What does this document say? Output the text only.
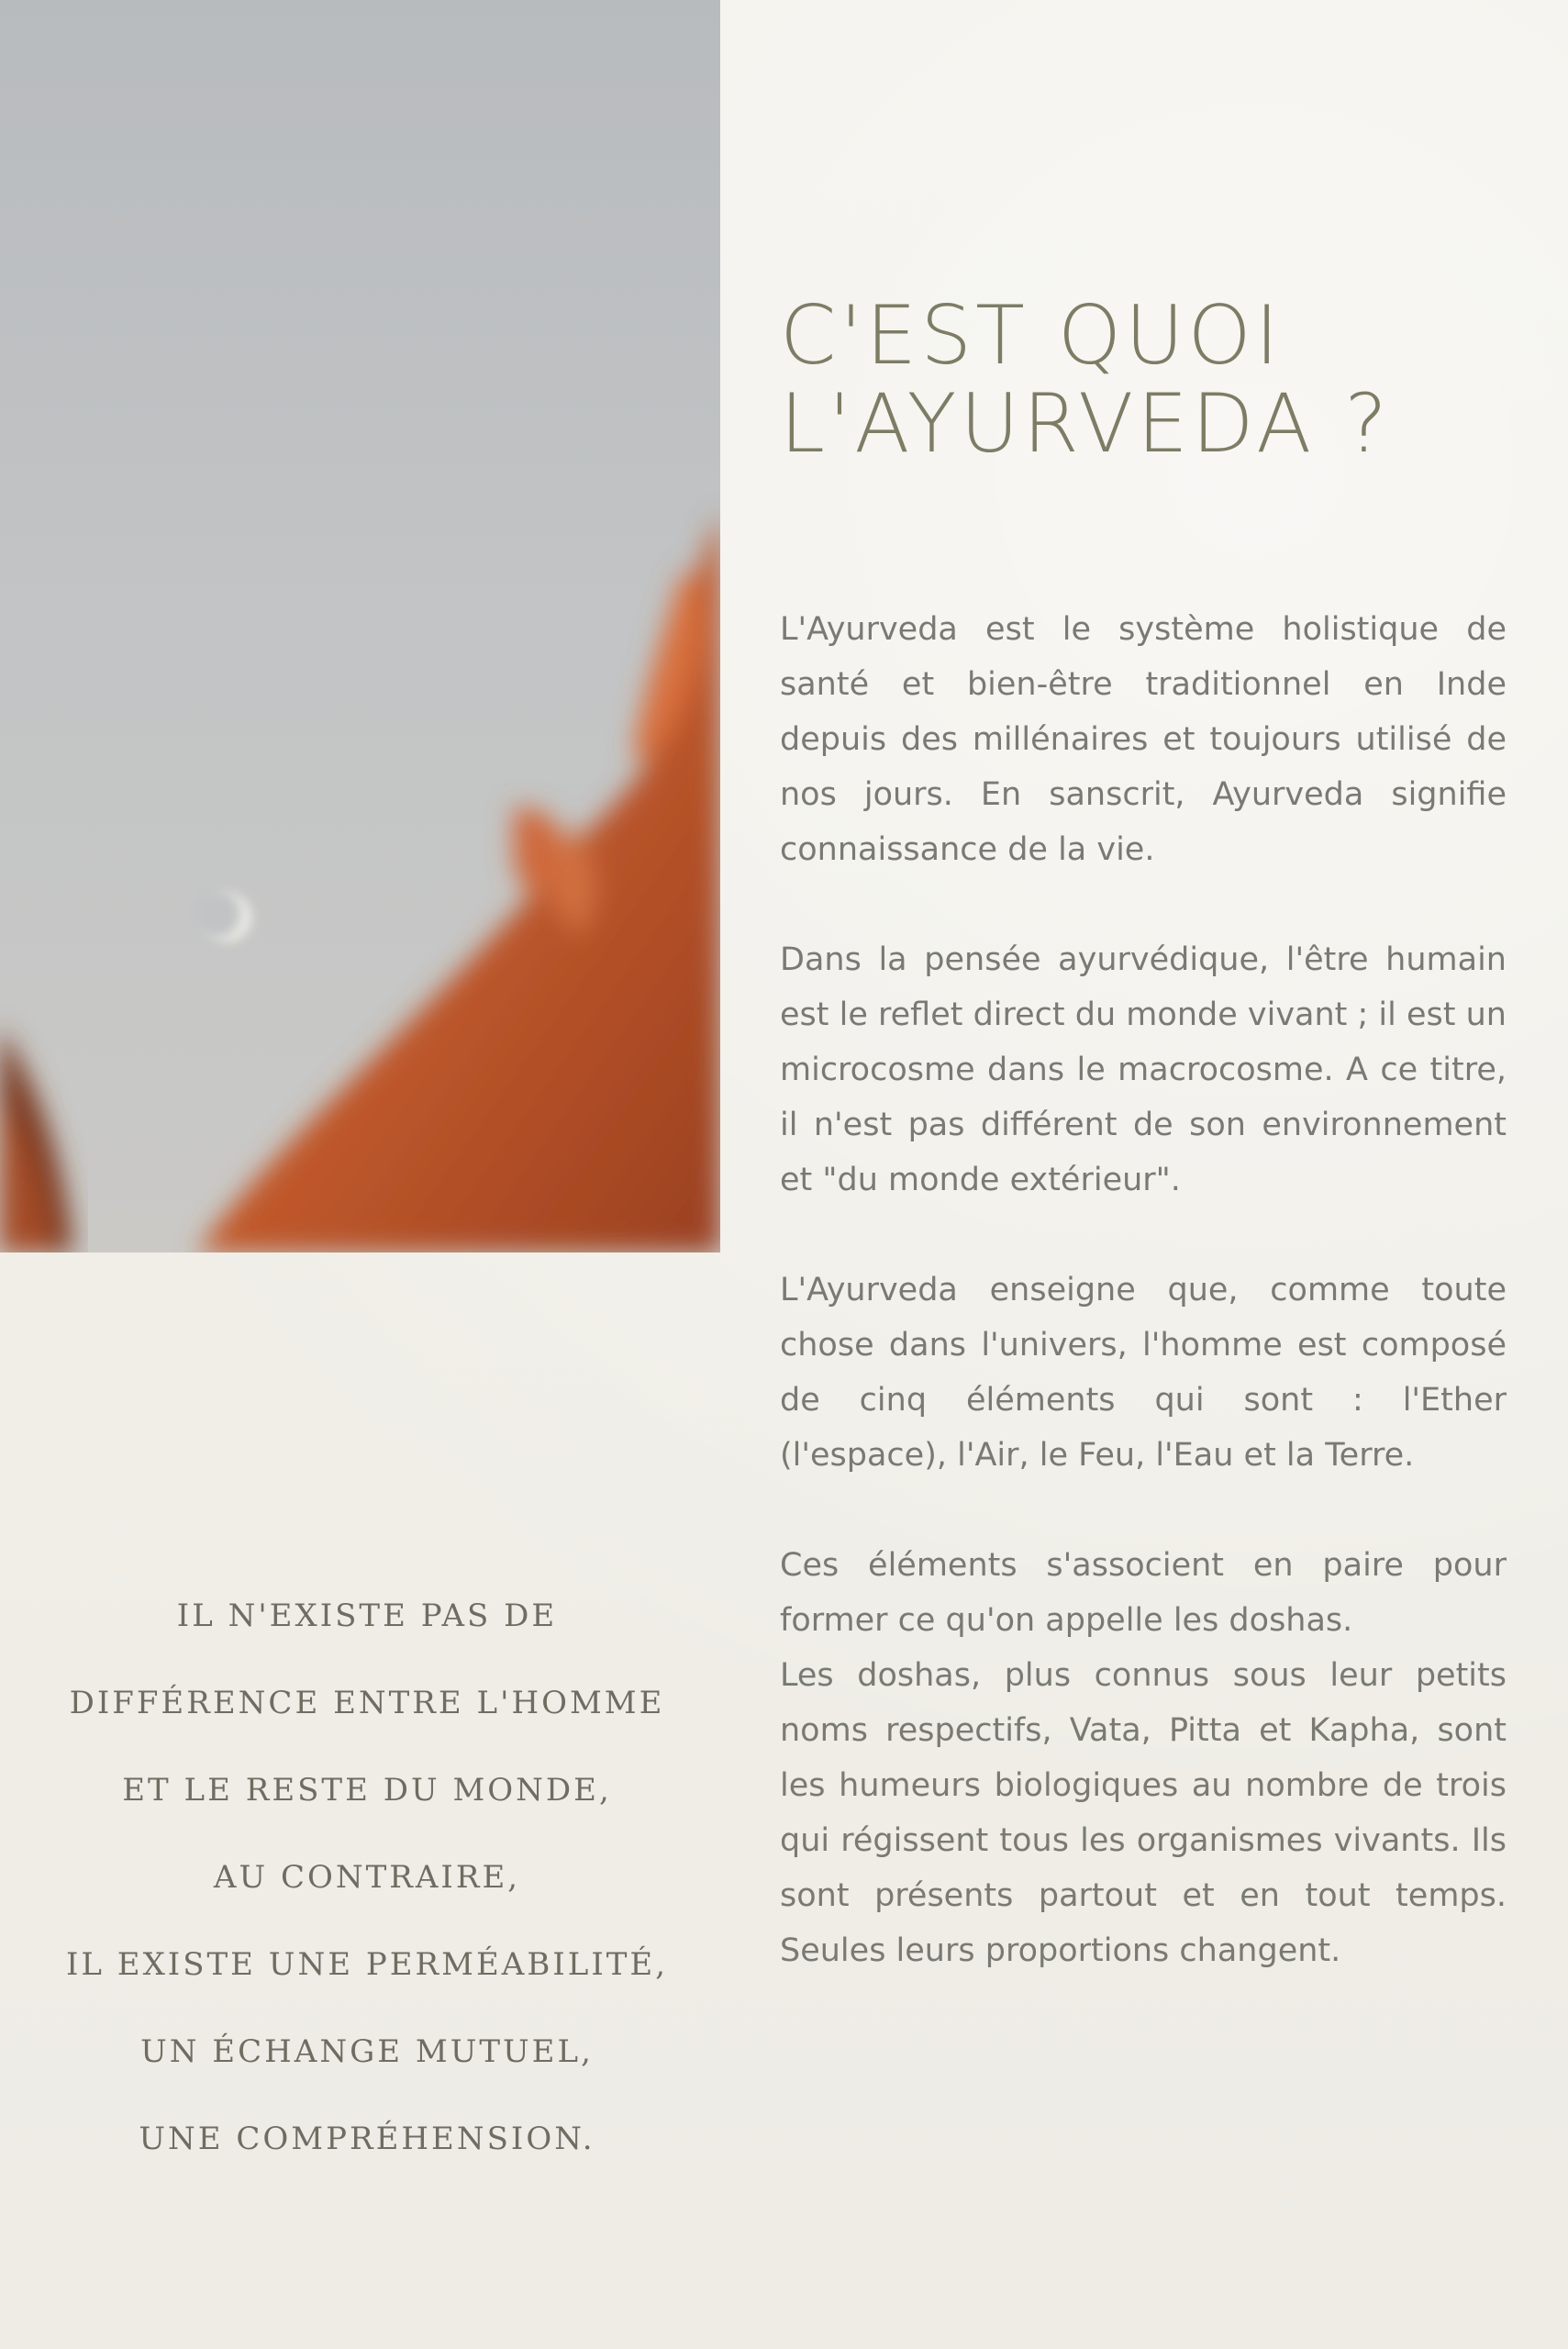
C'EST QUOI
L'AYURVEDA ?

L'Ayurveda est le système holistique de santé et bien-être traditionnel en Inde depuis des millénaires et toujours utilisé de nos jours. En sanscrit, Ayurveda signifie connaissance de la vie.

Dans la pensée ayurvédique, l'être humain est le reflet direct du monde vivant ; il est un microcosme dans le macrocosme. A ce titre, il n'est pas différent de son environnement et "du monde extérieur".

L'Ayurveda enseigne que, comme toute chose dans l'univers, l'homme est composé de cinq éléments qui sont : l'Ether (l'espace), l'Air, le Feu, l'Eau et la Terre.

Ces éléments s'associent en paire pour former ce qu'on appelle les doshas.

Les doshas, plus connus sous leur petits noms respectifs, Vata, Pitta et Kapha, sont les humeurs biologiques au nombre de trois qui régissent tous les organismes vivants. Ils sont présents partout et en tout temps. Seules leurs proportions changent.

IL N'EXISTE PAS DE
DIFFÉRENCE ENTRE L'HOMME
ET LE RESTE DU MONDE,
AU CONTRAIRE,
IL EXISTE UNE PERMÉABILITÉ,
UN ÉCHANGE MUTUEL,
UNE COMPRÉHENSION.
